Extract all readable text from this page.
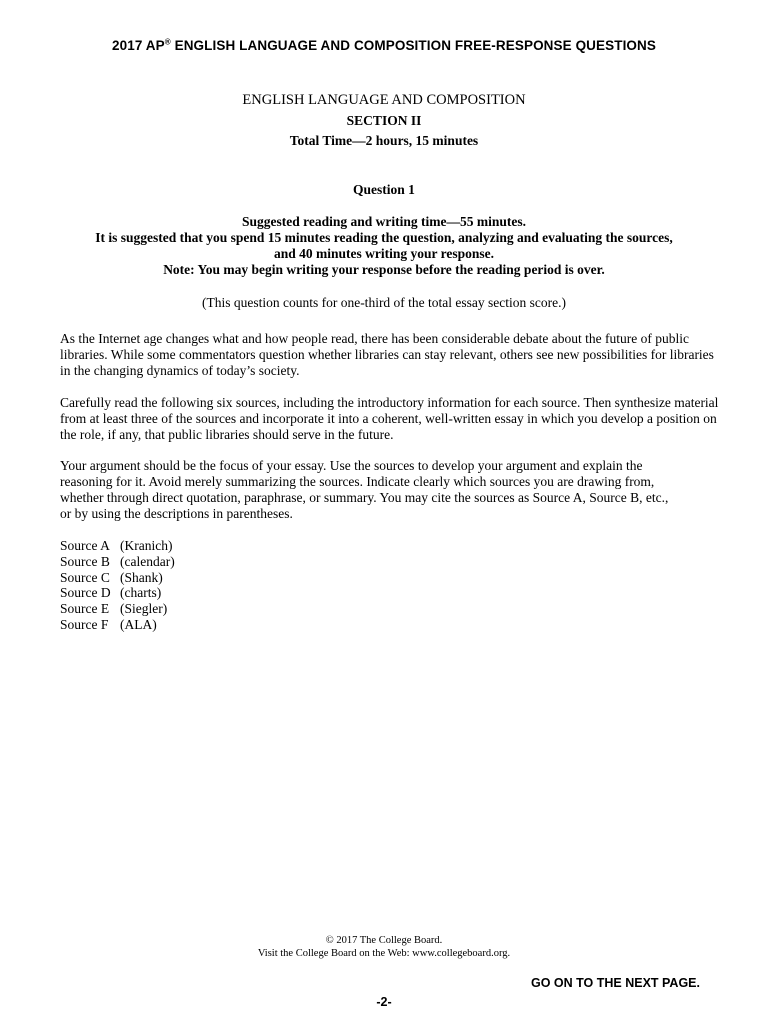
2017 AP® ENGLISH LANGUAGE AND COMPOSITION FREE-RESPONSE QUESTIONS
ENGLISH LANGUAGE AND COMPOSITION
SECTION II
Total Time—2 hours, 15 minutes
Question 1
Suggested reading and writing time—55 minutes.
It is suggested that you spend 15 minutes reading the question, analyzing and evaluating the sources,
and 40 minutes writing your response.
Note: You may begin writing your response before the reading period is over.
(This question counts for one-third of the total essay section score.)
As the Internet age changes what and how people read, there has been considerable debate about the future of public libraries. While some commentators question whether libraries can stay relevant, others see new possibilities for libraries in the changing dynamics of today’s society.
Carefully read the following six sources, including the introductory information for each source. Then synthesize material from at least three of the sources and incorporate it into a coherent, well-written essay in which you develop a position on the role, if any, that public libraries should serve in the future.
Your argument should be the focus of your essay. Use the sources to develop your argument and explain the
reasoning for it. Avoid merely summarizing the sources. Indicate clearly which sources you are drawing from,
whether through direct quotation, paraphrase, or summary. You may cite the sources as Source A, Source B, etc.,
or by using the descriptions in parentheses.
Source A (Kranich)
Source B (calendar)
Source C (Shank)
Source D (charts)
Source E (Siegler)
Source F (ALA)
© 2017 The College Board.
Visit the College Board on the Web: www.collegeboard.org.
GO ON TO THE NEXT PAGE.
-2-
